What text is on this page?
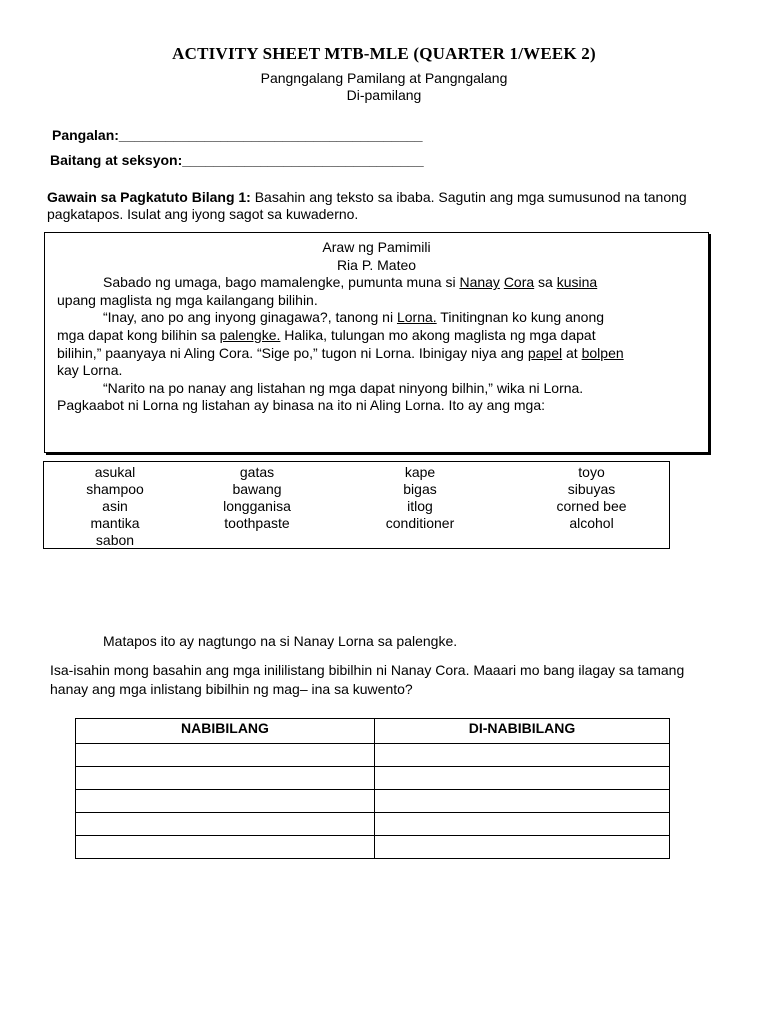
ACTIVITY SHEET MTB-MLE (QUARTER 1/WEEK 2)
Pangngalang Pamilang at Pangngalang
Di-pamilang
Pangalan:_______________________________________
Baitang at seksyon:_______________________________
Gawain sa Pagkatuto Bilang 1: Basahin ang teksto sa ibaba. Sagutin ang mga sumusunod na tanong pagkatapos. Isulat ang iyong sagot sa kuwaderno.
Araw ng Pamimili
Ria P. Mateo

Sabado ng umaga, bago mamalengke, pumunta muna si Nanay Cora sa kusina

upang maglista ng mga kailangang bilihin.

“Inay, ano po ang inyong ginagawa?, tanong ni Lorna. Tinitingnan ko kung anong

mga dapat kong bilihin sa palengke. Halika, tulungan mo akong maglista ng mga dapat

bilihin,” paanyaya ni Aling Cora. “Sige po,” tugon ni Lorna. Ibinigay niya ang papel at bolpen

kay Lorna.

“Narito na po nanay ang listahan ng mga dapat ninyong bilhin,” wika ni Lorna.

Pagkaabot ni Lorna ng listahan ay binasa na ito ni Aling Lorna. Ito ay ang mga:

asukal	gatas	kape	toyo
shampoo	bawang	bigas	sibuyas
asin	longganisa	itlog	corned bee
mantika	toothpaste	conditioner	alcohol
sabon
Matapos ito ay nagtungo na si Nanay Lorna sa palengke.
Isa-isahin mong basahin ang mga inililistang bibilhin ni Nanay Cora. Maaari mo bang ilagay sa tamang hanay ang mga inlistang bibilhin ng mag– ina sa kuwento?
NABIBILANG	DI-NABIBILANG
